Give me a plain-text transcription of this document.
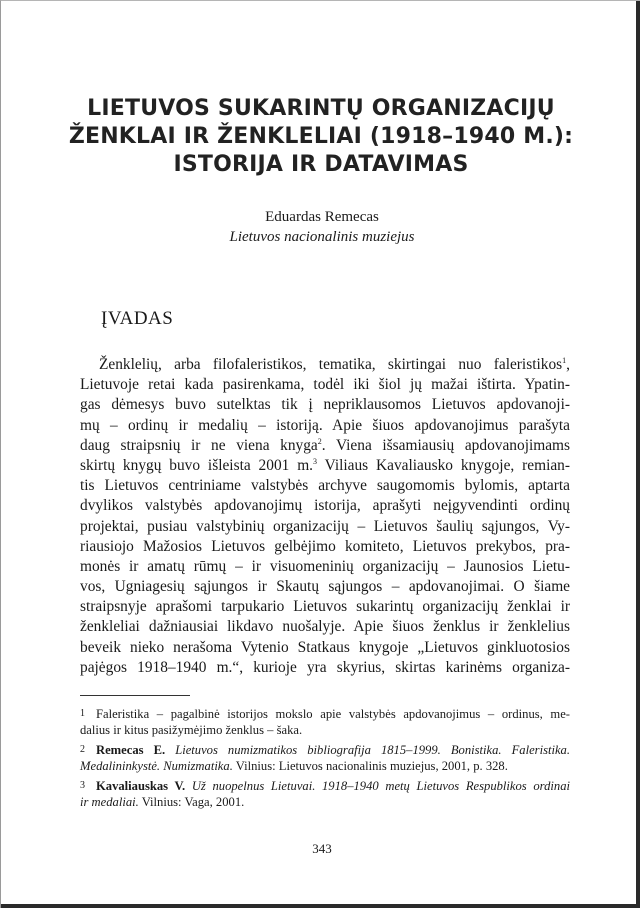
LIETUVOS SUKARINTŲ ORGANIZACIJŲ
ŽENKLAI IR ŽENKLELIAI (1918–1940 M.):
ISTORIJA IR DATAVIMAS
Eduardas Remecas
Lietuvos nacionalinis muziejus
ĮVADAS
Ženklelių, arba filofaleristikos, tematika, skirtingai nuo faleristikos$^1$,
Lietuvoje retai kada pasirenkama, todėl iki šiol jų mažai ištirta. Ypatin-
gas dėmesys buvo sutelktas tik į nepriklausomos Lietuvos apdovanoji-
mų – ordinų ir medalių – istoriją. Apie šiuos apdovanojimus parašyta
daug straipsnių ir ne viena knyga$^2$. Viena išsamiausių apdovanojimams
skirtų knygų buvo išleista 2001 m.$^3$ Viliaus Kavaliausko knygoje, remian-
tis Lietuvos centriniame valstybės archyve saugomomis bylomis, aptarta
dvylikos valstybės apdovanojimų istorija, aprašyti neįgyvendinti ordinų
projektai, pusiau valstybinių organizacijų – Lietuvos šaulių sąjungos, Vy-
riausiojo Mažosios Lietuvos gelbėjimo komiteto, Lietuvos prekybos, pra-
monės ir amatų rūmų – ir visuomeninių organizacijų – Jaunosios Lietu-
vos, Ugniagesių sąjungos ir Skautų sąjungos – apdovanojimai. O šiame
straipsnyje aprašomi tarpukario Lietuvos sukarintų organizacijų ženklai ir
ženkleliai dažniausiai likdavo nuošalyje. Apie šiuos ženklus ir ženklelius
beveik nieko nerašoma Vytenio Statkaus knygoje „Lietuvos ginkluotosios
pajėgos 1918–1940 m.“, kurioje yra skyrius, skirtas karinėms organiza-
1 Faleristika – pagalbinė istorijos mokslo apie valstybės apdovanojimus – ordinus, me-
dalius ir kitus pasižymėjimo ženklus – šaka.
2 Remecas E. Lietuvos numizmatikos bibliografija 1815–1999. Bonistika. Faleristika.
Medalininkystė. Numizmatika. Vilnius: Lietuvos nacionalinis muziejus, 2001, p. 328.
3 Kavaliauskas V. Už nuopelnus Lietuvai. 1918–1940 metų Lietuvos Respublikos ordinai
ir medaliai. Vilnius: Vaga, 2001.
343
